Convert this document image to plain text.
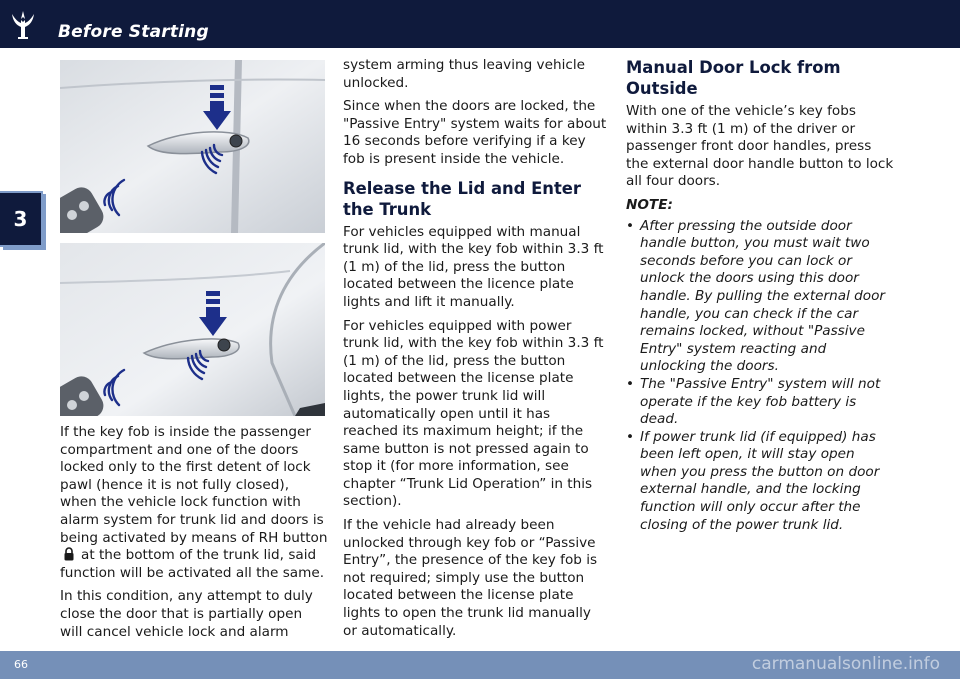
Before Starting
3

If the key fob is inside the passenger compartment and one of the doors locked only to the first detent of lock pawl (hence it is not fully closed), when the vehicle lock function with alarm system for trunk lid and doors is being activated by means of RH buttonat the bottom of the trunk lid, said function will be activated all the same.

In this condition, any attempt to duly close the door that is partially open will cancel vehicle lock and alarm

system arming thus leaving vehicle unlocked.

Since when the doors are locked, the "Passive Entry" system waits for about 16 seconds before verifying if a key fob is present inside the vehicle.

Release the Lid and Enter the Trunk

For vehicles equipped with manual trunk lid, with the key fob within 3.3 ft (1 m) of the lid, press the button located between the licence plate lights and lift it manually.

For vehicles equipped with power trunk lid, with the key fob within 3.3 ft (1 m) of the lid, press the button located between the license plate lights, the power trunk lid will automatically open until it has reached its maximum height; if the same button is not pressed again to stop it (for more information, see chapter “Trunk Lid Operation” in this section).

If the vehicle had already been unlocked through key fob or “Passive Entry”, the presence of the key fob is not required; simply use the button located between the license plate lights to open the trunk lid manually or automatically.

Manual Door Lock from Outside

With one of the vehicle’s key fobs within 3.3 ft (1 m) of the driver or passenger front door handles, press the external door handle button to lock all four doors.

NOTE:
• After pressing the outside door handle button, you must wait two seconds before you can lock or unlock the doors using this door handle. By pulling the external door handle, you can check if the car remains locked, without "Passive Entry" system reacting and unlocking the doors.
• The "Passive Entry" system will not operate if the key fob battery is dead.
• If power trunk lid (if equipped) has been left open, it will stay open when you press the button on door external handle, and the locking function will only occur after the closing of the power trunk lid.
66	carmanualsonline.info
